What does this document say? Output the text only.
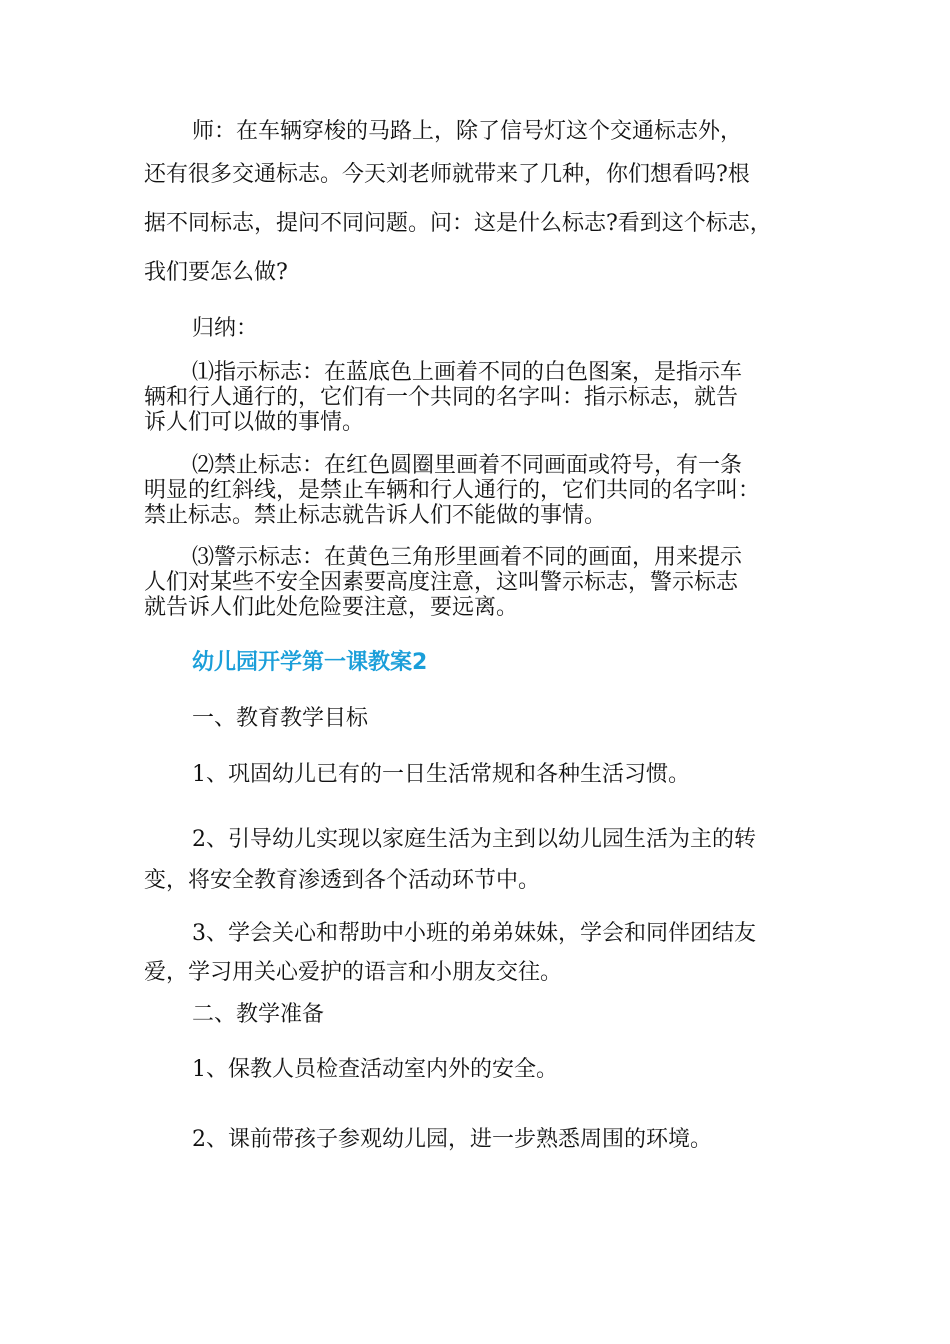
师：在车辆穿梭的马路上，除了信号灯这个交通标志外，
还有很多交通标志。今天刘老师就带来了几种，你们想看吗?根
据不同标志，提问不同问题。问：这是什么标志?看到这个标志，
我们要怎么做?
归纳：
⑴指示标志：在蓝底色上画着不同的白色图案，是指示车
辆和行人通行的，它们有一个共同的名字叫：指示标志，就告
诉人们可以做的事情。
⑵禁止标志：在红色圆圈里画着不同画面或符号，有一条
明显的红斜线，是禁止车辆和行人通行的，它们共同的名字叫：
禁止标志。禁止标志就告诉人们不能做的事情。
⑶警示标志：在黄色三角形里画着不同的画面，用来提示
人们对某些不安全因素要高度注意，这叫警示标志，警示标志
就告诉人们此处危险要注意，要远离。
幼儿园开学第一课教案2
一、教育教学目标
1、巩固幼儿已有的一日生活常规和各种生活习惯。
2、引导幼儿实现以家庭生活为主到以幼儿园生活为主的转
变，将安全教育渗透到各个活动环节中。
3、学会关心和帮助中小班的弟弟妹妹，学会和同伴团结友
爱，学习用关心爱护的语言和小朋友交往。
二、教学准备
1、保教人员检查活动室内外的安全。
2、课前带孩子参观幼儿园，进一步熟悉周围的环境。
